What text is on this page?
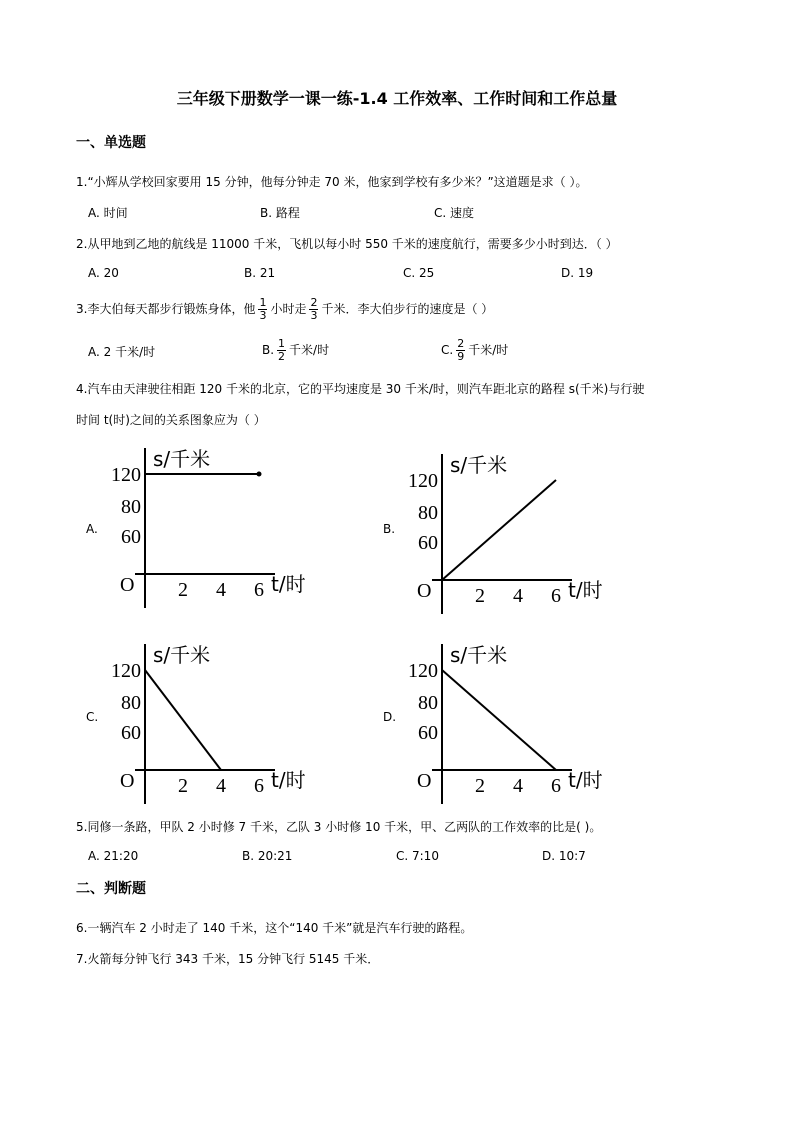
三年级下册数学一课一练-1.4 工作效率、工作时间和工作总量
一、单选题
1.“小辉从学校回家要用 15 分钟，他每分钟走 70 米，他家到学校有多少米？”这道题是求（ ）。
A. 时间	B. 路程	C. 速度
2.从甲地到乙地的航线是 11000 千米，飞机以每小时 550 千米的速度航行，需要多少小时到达．（ ）
A. 20	B. 21	C. 25	D. 19
3.李大伯每天都步行锻炼身体，他 $\frac{1}{3}$ 小时走 $\frac{2}{3}$ 千米．李大伯步行的速度是（ ）
A. 2 千米/时	B. $\frac{1}{2}$ 千米/时	C. $\frac{2}{9}$ 千米/时
4.汽车由天津驶往相距 120 千米的北京，它的平均速度是 30 千米/时，则汽车距北京的路程 s(千米)与行驶
时间 t(时)之间的关系图象应为（ ）
A.	B.
C.	D.
s/千米
t/时
O
60
80
120
2 4 6
s/千米
t/时
O
60
80
120
2 4 6
s/千米
t/时
O
60
80
120
2 4 6
s/千米
t/时
O
60
80
120
2 4 6
5.同修一条路，甲队 2 小时修 7 千米，乙队 3 小时修 10 千米，甲、乙两队的工作效率的比是( )。
A. 21:20	B. 20:21	C. 7:10	D. 10:7
二、判断题
6.一辆汽车 2 小时走了 140 千米，这个“140 千米”就是汽车行驶的路程。
7.火箭每分钟飞行 343 千米，15 分钟飞行 5145 千米．
